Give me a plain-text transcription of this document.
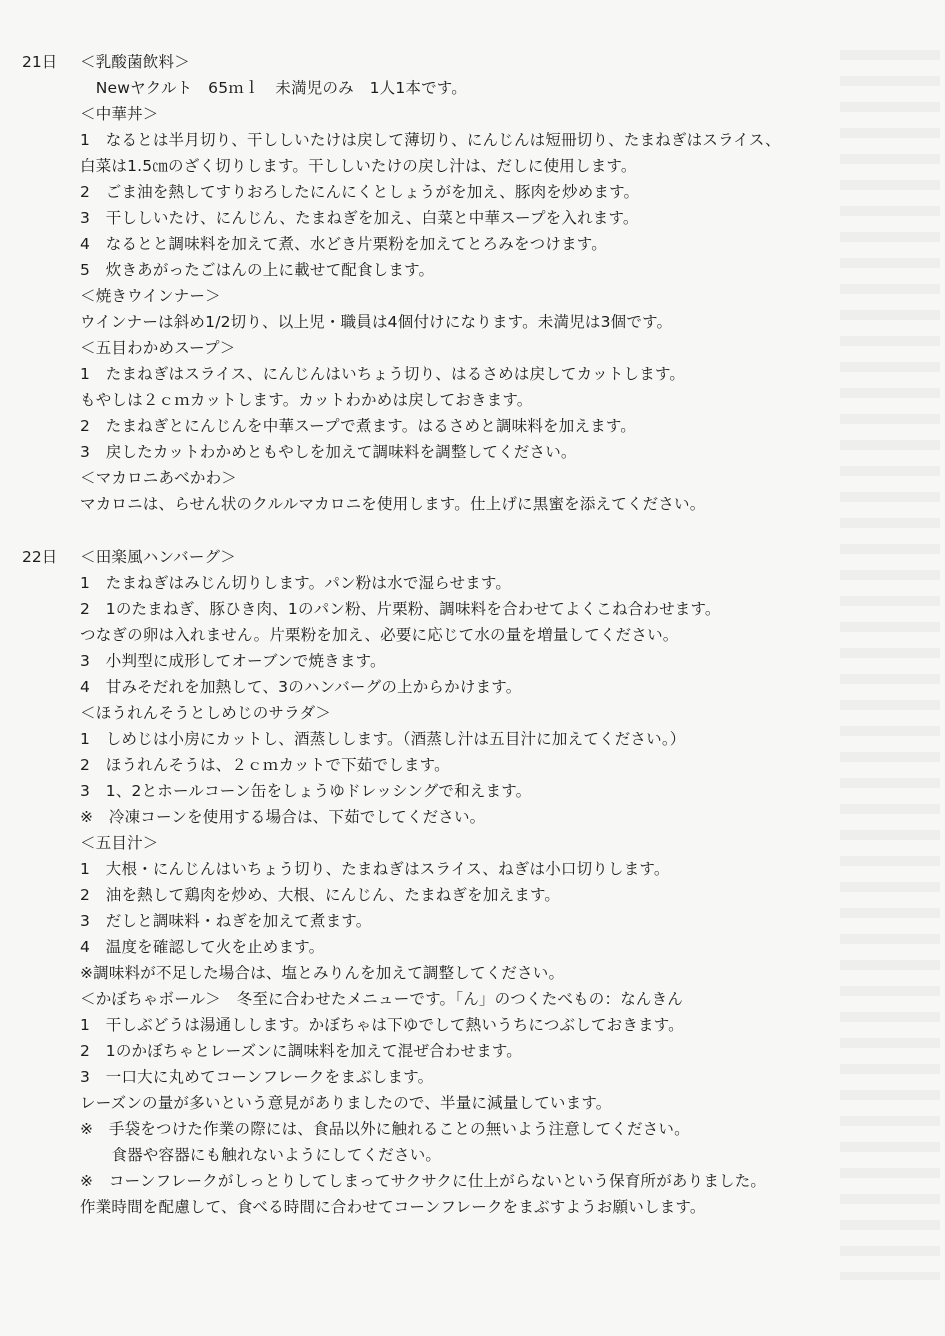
21日
22日
＜乳酸菌飲料＞
　Newヤクルト　65ｍｌ　未満児のみ　1人1本です。
＜中華丼＞
1　なるとは半月切り、干ししいたけは戻して薄切り、にんじんは短冊切り、たまねぎはスライス、
白菜は1.5㎝のざく切りします。干ししいたけの戻し汁は、だしに使用します。
2　ごま油を熱してすりおろしたにんにくとしょうがを加え、豚肉を炒めます。
3　干ししいたけ、にんじん、たまねぎを加え、白菜と中華スープを入れます。
4　なるとと調味料を加えて煮、水どき片栗粉を加えてとろみをつけます。
5　炊きあがったごはんの上に載せて配食します。
＜焼きウインナー＞
ウインナーは斜め1/2切り、以上児・職員は4個付けになります。未満児は3個です。
＜五目わかめスープ＞
1　たまねぎはスライス、にんじんはいちょう切り、はるさめは戻してカットします。
もやしは２ｃｍカットします。カットわかめは戻しておきます。
2　たまねぎとにんじんを中華スープで煮ます。はるさめと調味料を加えます。
3　戻したカットわかめともやしを加えて調味料を調整してください。
＜マカロニあべかわ＞
マカロニは、らせん状のクルルマカロニを使用します。仕上げに黒蜜を添えてください。
＜田楽風ハンバーグ＞
1　たまねぎはみじん切りします。パン粉は水で湿らせます。
2　1のたまねぎ、豚ひき肉、1のパン粉、片栗粉、調味料を合わせてよくこね合わせます。
つなぎの卵は入れません。片栗粉を加え、必要に応じて水の量を増量してください。
3　小判型に成形してオーブンで焼きます。
4　甘みそだれを加熱して、3のハンバーグの上からかけます。
＜ほうれんそうとしめじのサラダ＞
1　しめじは小房にカットし、酒蒸しします。（酒蒸し汁は五目汁に加えてください。）
2　ほうれんそうは、２ｃｍカットで下茹でします。
3　1、2とホールコーン缶をしょうゆドレッシングで和えます。
※　冷凍コーンを使用する場合は、下茹でしてください。
＜五目汁＞
1　大根・にんじんはいちょう切り、たまねぎはスライス、ねぎは小口切りします。
2　油を熱して鶏肉を炒め、大根、にんじん、たまねぎを加えます。
3　だしと調味料・ねぎを加えて煮ます。
4　温度を確認して火を止めます。
※調味料が不足した場合は、塩とみりんを加えて調整してください。
＜かぼちゃボール＞　冬至に合わせたメニューです。「ん」のつくたべもの：なんきん
1　干しぶどうは湯通しします。かぼちゃは下ゆでして熱いうちにつぶしておきます。
2　1のかぼちゃとレーズンに調味料を加えて混ぜ合わせます。
3　一口大に丸めてコーンフレークをまぶします。
レーズンの量が多いという意見がありましたので、半量に減量しています。
※　手袋をつけた作業の際には、食品以外に触れることの無いよう注意してください。
　　食器や容器にも触れないようにしてください。
※　コーンフレークがしっとりしてしまってサクサクに仕上がらないという保育所がありました。
作業時間を配慮して、食べる時間に合わせてコーンフレークをまぶすようお願いします。
